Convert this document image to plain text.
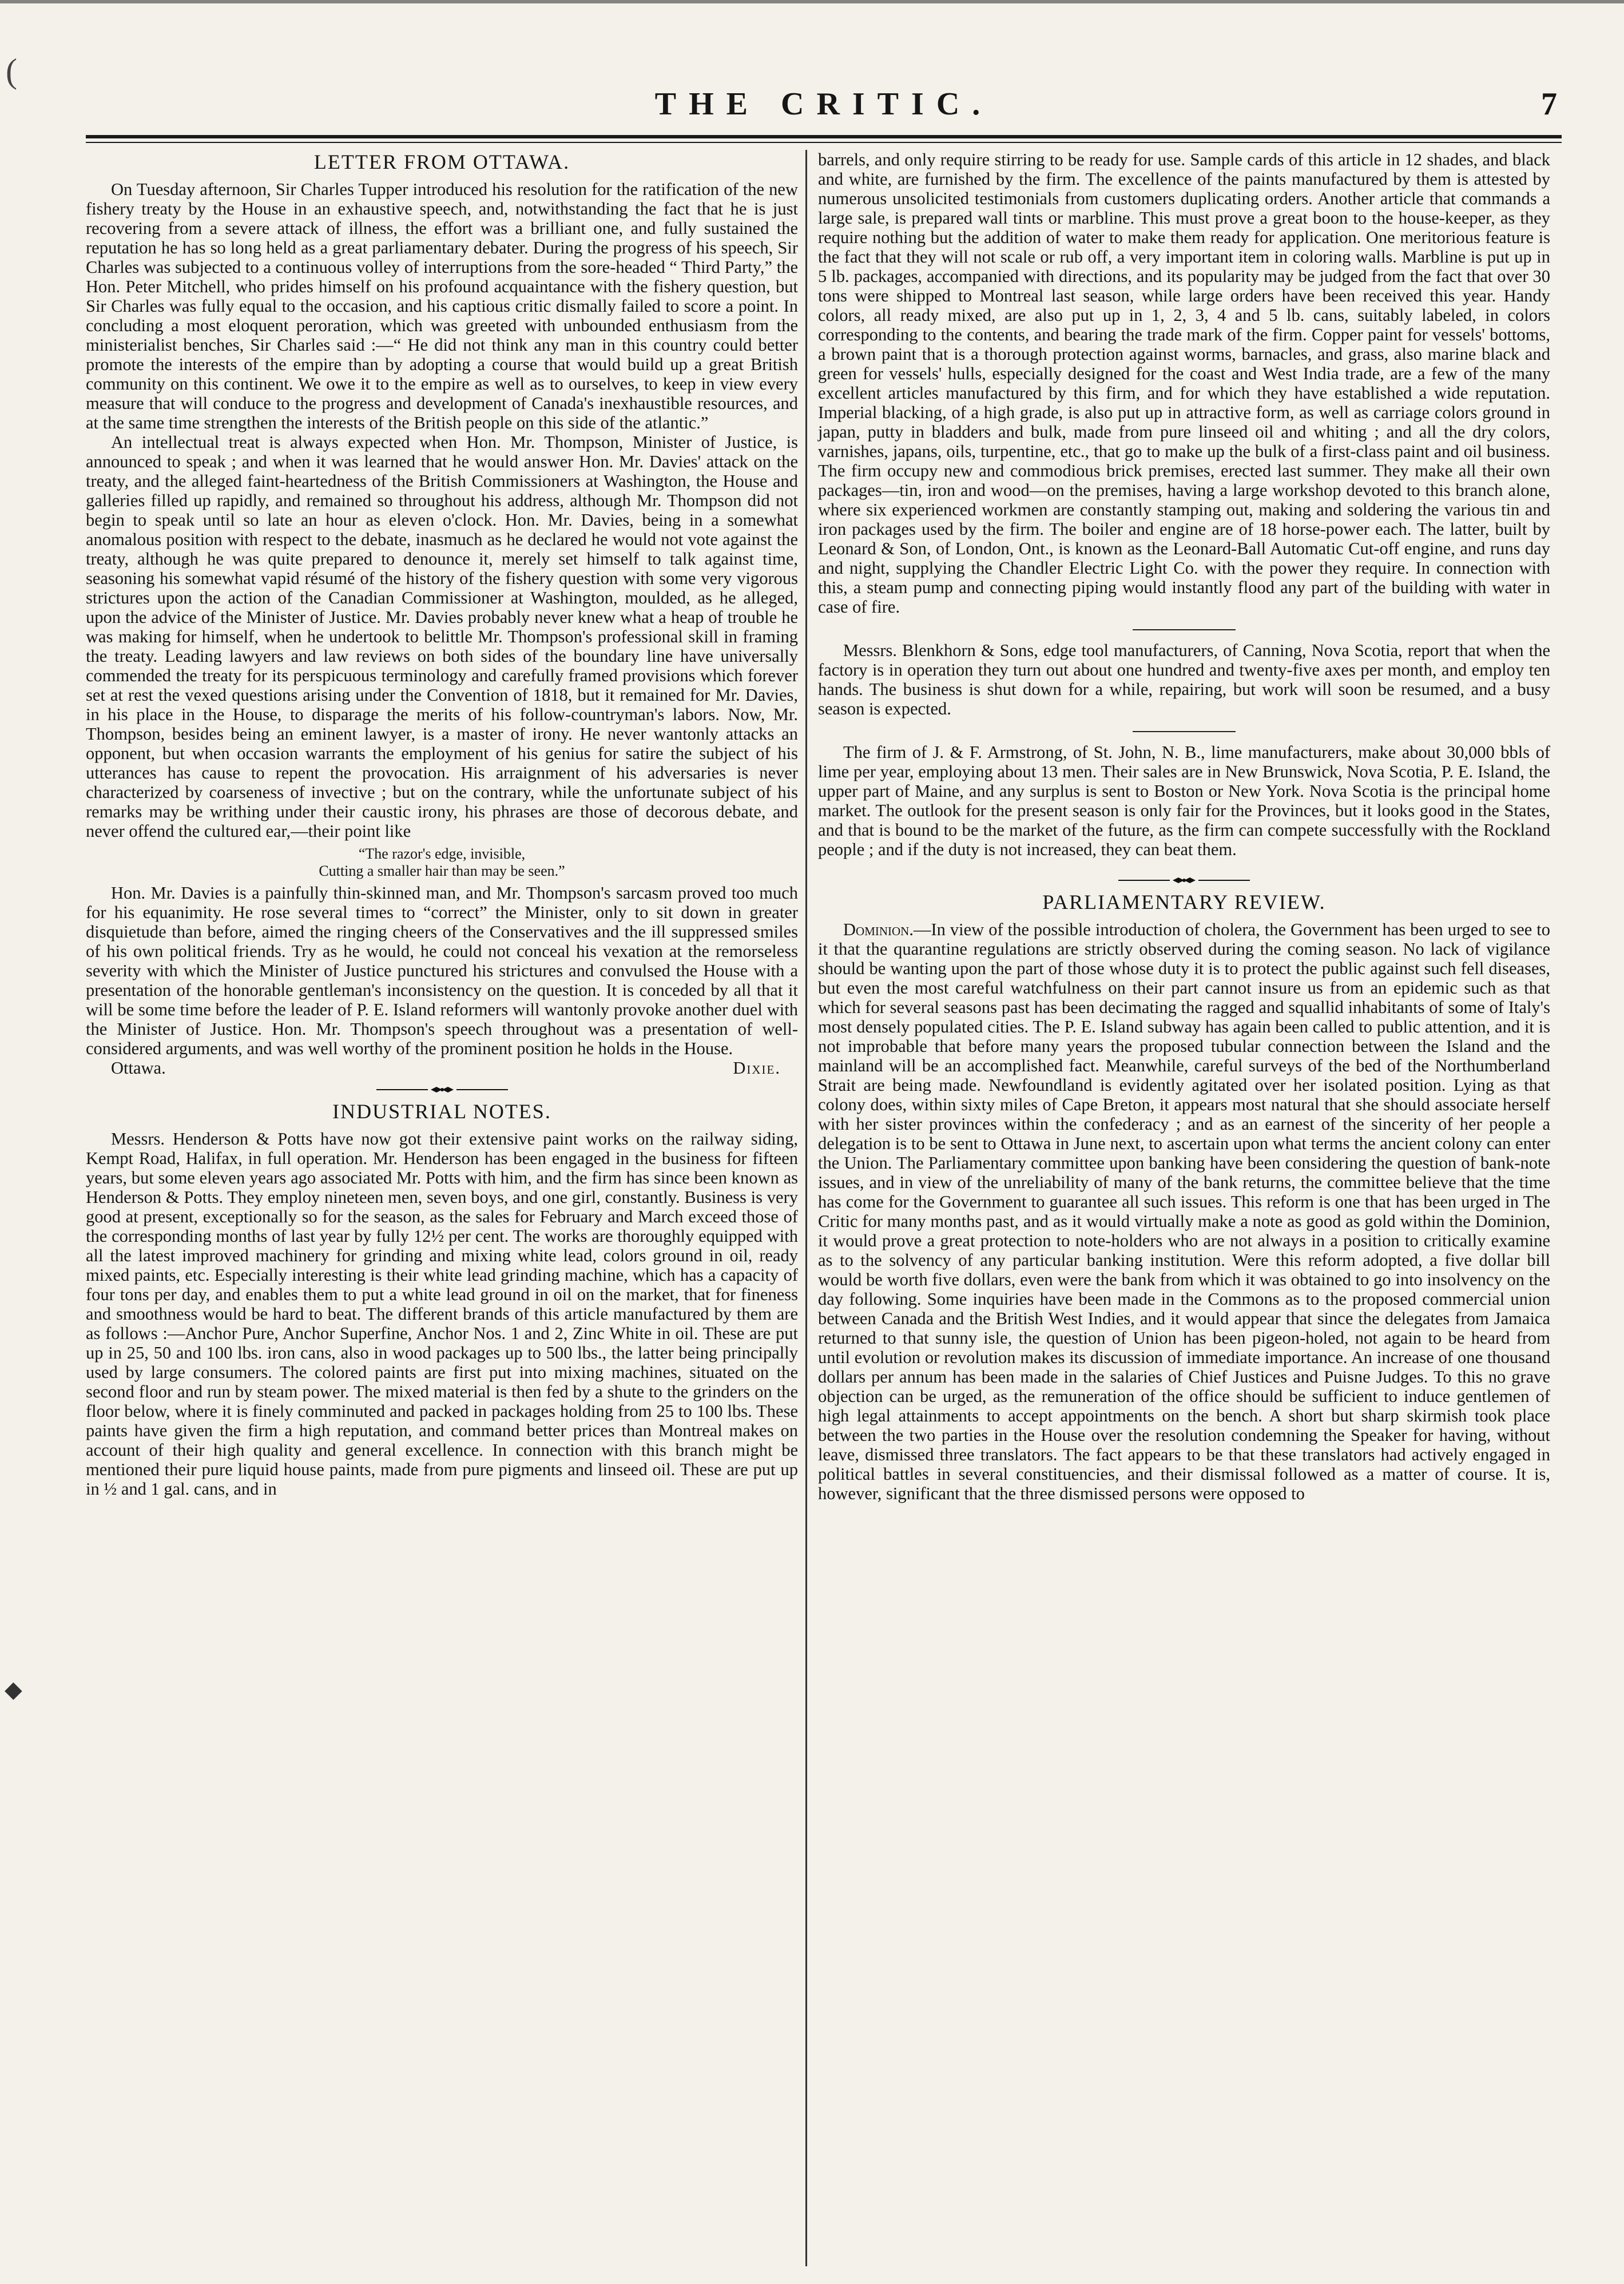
(
◆
THE CRITIC.	7
LETTER FROM OTTAWA.

On Tuesday afternoon, Sir Charles Tupper introduced his resolution for the ratification of the new fishery treaty by the House in an exhaustive speech, and, notwithstanding the fact that he is just recovering from a severe attack of illness, the effort was a brilliant one, and fully sustained the reputation he has so long held as a great parliamentary debater. During the progress of his speech, Sir Charles was subjected to a continuous volley of interruptions from the sore-headed “ Third Party,” the Hon. Peter Mitchell, who prides himself on his profound acquaintance with the fishery question, but Sir Charles was fully equal to the occasion, and his captious critic dismally failed to score a point. In concluding a most eloquent peroration, which was greeted with unbounded enthusiasm from the ministerialist benches, Sir Charles said :—“ He did not think any man in this country could better promote the interests of the empire than by adopting a course that would build up a great British community on this continent. We owe it to the empire as well as to ourselves, to keep in view every measure that will conduce to the progress and development of Canada's inexhaustible resources, and at the same time strengthen the interests of the British people on this side of the atlantic.”

An intellectual treat is always expected when Hon. Mr. Thompson, Minister of Justice, is announced to speak ; and when it was learned that he would answer Hon. Mr. Davies' attack on the treaty, and the alleged faint-heartedness of the British Commissioners at Washington, the House and galleries filled up rapidly, and remained so throughout his address, although Mr. Thompson did not begin to speak until so late an hour as eleven o'clock. Hon. Mr. Davies, being in a somewhat anomalous position with respect to the debate, inasmuch as he declared he would not vote against the treaty, although he was quite prepared to denounce it, merely set himself to talk against time, seasoning his somewhat vapid résumé of the history of the fishery question with some very vigorous strictures upon the action of the Canadian Commissioner at Washington, moulded, as he alleged, upon the advice of the Minister of Justice. Mr. Davies probably never knew what a heap of trouble he was making for himself, when he undertook to belittle Mr. Thompson's professional skill in framing the treaty. Leading lawyers and law reviews on both sides of the boundary line have universally commended the treaty for its perspicuous terminology and carefully framed provisions which forever set at rest the vexed questions arising under the Convention of 1818, but it remained for Mr. Davies, in his place in the House, to disparage the merits of his follow-countryman's labors. Now, Mr. Thompson, besides being an eminent lawyer, is a master of irony. He never wantonly attacks an opponent, but when occasion warrants the employment of his genius for satire the subject of his utterances has cause to repent the provocation. His arraignment of his adversaries is never characterized by coarseness of invective ; but on the contrary, while the unfortunate subject of his remarks may be writhing under their caustic irony, his phrases are those of decorous debate, and never offend the cultured ear,—their point like

“The razor's edge, invisible,
Cutting a smaller hair than may be seen.”

Hon. Mr. Davies is a painfully thin-skinned man, and Mr. Thompson's sarcasm proved too much for his equanimity. He rose several times to “correct” the Minister, only to sit down in greater disquietude than before, aimed the ringing cheers of the Conservatives and the ill suppressed smiles of his own political friends. Try as he would, he could not conceal his vexation at the remorseless severity with which the Minister of Justice punctured his strictures and convulsed the House with a presentation of the honorable gentleman's inconsistency on the question. It is conceded by all that it will be some time before the leader of P. E. Island reformers will wantonly provoke another duel with the Minister of Justice. Hon. Mr. Thompson's speech throughout was a presentation of well-considered arguments, and was well worthy of the prominent position he holds in the House.

Ottawa.	Dixie.
INDUSTRIAL NOTES.

Messrs. Henderson & Potts have now got their extensive paint works on the railway siding, Kempt Road, Halifax, in full operation. Mr. Henderson has been engaged in the business for fifteen years, but some eleven years ago associated Mr. Potts with him, and the firm has since been known as Henderson & Potts. They employ nineteen men, seven boys, and one girl, constantly. Business is very good at present, exceptionally so for the season, as the sales for February and March exceed those of the corresponding months of last year by fully 12½ per cent. The works are thoroughly equipped with all the latest improved machinery for grinding and mixing white lead, colors ground in oil, ready mixed paints, etc. Especially interesting is their white lead grinding machine, which has a capacity of four tons per day, and enables them to put a white lead ground in oil on the market, that for fineness and smoothness would be hard to beat. The different brands of this article manufactured by them are as follows :—Anchor Pure, Anchor Superfine, Anchor Nos. 1 and 2, Zinc White in oil. These are put up in 25, 50 and 100 lbs. iron cans, also in wood packages up to 500 lbs., the latter being principally used by large consumers. The colored paints are first put into mixing machines, situated on the second floor and run by steam power. The mixed material is then fed by a shute to the grinders on the floor below, where it is finely comminuted and packed in packages holding from 25 to 100 lbs. These paints have given the firm a high reputation, and command better prices than Montreal makes on account of their high quality and general excellence. In connection with this branch might be mentioned their pure liquid house paints, made from pure pigments and linseed oil. These are put up in ½ and 1 gal. cans, and in

barrels, and only require stirring to be ready for use. Sample cards of this article in 12 shades, and black and white, are furnished by the firm. The excellence of the paints manufactured by them is attested by numerous unsolicited testimonials from customers duplicating orders. Another article that commands a large sale, is prepared wall tints or marbline. This must prove a great boon to the house-keeper, as they require nothing but the addition of water to make them ready for application. One meritorious feature is the fact that they will not scale or rub off, a very important item in coloring walls. Marbline is put up in 5 lb. packages, accompanied with directions, and its popularity may be judged from the fact that over 30 tons were shipped to Montreal last season, while large orders have been received this year. Handy colors, all ready mixed, are also put up in 1, 2, 3, 4 and 5 lb. cans, suitably labeled, in colors corresponding to the contents, and bearing the trade mark of the firm. Copper paint for vessels' bottoms, a brown paint that is a thorough protection against worms, barnacles, and grass, also marine black and green for vessels' hulls, especially designed for the coast and West India trade, are a few of the many excellent articles manufactured by this firm, and for which they have established a wide reputation. Imperial blacking, of a high grade, is also put up in attractive form, as well as carriage colors ground in japan, putty in bladders and bulk, made from pure linseed oil and whiting ; and all the dry colors, varnishes, japans, oils, turpentine, etc., that go to make up the bulk of a first-class paint and oil business. The firm occupy new and commodious brick premises, erected last summer. They make all their own packages—tin, iron and wood—on the premises, having a large workshop devoted to this branch alone, where six experienced workmen are constantly stamping out, making and soldering the various tin and iron packages used by the firm. The boiler and engine are of 18 horse-power each. The latter, built by Leonard & Son, of London, Ont., is known as the Leonard-Ball Automatic Cut-off engine, and runs day and night, supplying the Chandler Electric Light Co. with the power they require. In connection with this, a steam pump and connecting piping would instantly flood any part of the building with water in case of fire.

Messrs. Blenkhorn & Sons, edge tool manufacturers, of Canning, Nova Scotia, report that when the factory is in operation they turn out about one hundred and twenty-five axes per month, and employ ten hands. The business is shut down for a while, repairing, but work will soon be resumed, and a busy season is expected.

The firm of J. & F. Armstrong, of St. John, N. B., lime manufacturers, make about 30,000 bbls of lime per year, employing about 13 men. Their sales are in New Brunswick, Nova Scotia, P. E. Island, the upper part of Maine, and any surplus is sent to Boston or New York. Nova Scotia is the principal home market. The outlook for the present season is only fair for the Provinces, but it looks good in the States, and that is bound to be the market of the future, as the firm can compete successfully with the Rockland people ; and if the duty is not increased, they can beat them.

PARLIAMENTARY REVIEW.

Dominion.—In view of the possible introduction of cholera, the Government has been urged to see to it that the quarantine regulations are strictly observed during the coming season. No lack of vigilance should be wanting upon the part of those whose duty it is to protect the public against such fell diseases, but even the most careful watchfulness on their part cannot insure us from an epidemic such as that which for several seasons past has been decimating the ragged and squallid inhabitants of some of Italy's most densely populated cities. The P. E. Island subway has again been called to public attention, and it is not improbable that before many years the proposed tubular connection between the Island and the mainland will be an accomplished fact. Meanwhile, careful surveys of the bed of the Northumberland Strait are being made. Newfoundland is evidently agitated over her isolated position. Lying as that colony does, within sixty miles of Cape Breton, it appears most natural that she should associate herself with her sister provinces within the confederacy ; and as an earnest of the sincerity of her people a delegation is to be sent to Ottawa in June next, to ascertain upon what terms the ancient colony can enter the Union. The Parliamentary committee upon banking have been considering the question of bank-note issues, and in view of the unreliability of many of the bank returns, the committee believe that the time has come for the Government to guarantee all such issues. This reform is one that has been urged in The Critic for many months past, and as it would virtually make a note as good as gold within the Dominion, it would prove a great protection to note-holders who are not always in a position to critically examine as to the solvency of any particular banking institution. Were this reform adopted, a five dollar bill would be worth five dollars, even were the bank from which it was obtained to go into insolvency on the day following. Some inquiries have been made in the Commons as to the proposed commercial union between Canada and the British West Indies, and it would appear that since the delegates from Jamaica returned to that sunny isle, the question of Union has been pigeon-holed, not again to be heard from until evolution or revolution makes its discussion of immediate importance. An increase of one thousand dollars per annum has been made in the salaries of Chief Justices and Puisne Judges. To this no grave objection can be urged, as the remuneration of the office should be sufficient to induce gentlemen of high legal attainments to accept appointments on the bench. A short but sharp skirmish took place between the two parties in the House over the resolution condemning the Speaker for having, without leave, dismissed three translators. The fact appears to be that these translators had actively engaged in political battles in several constituencies, and their dismissal followed as a matter of course. It is, however, significant that the three dismissed persons were opposed to
